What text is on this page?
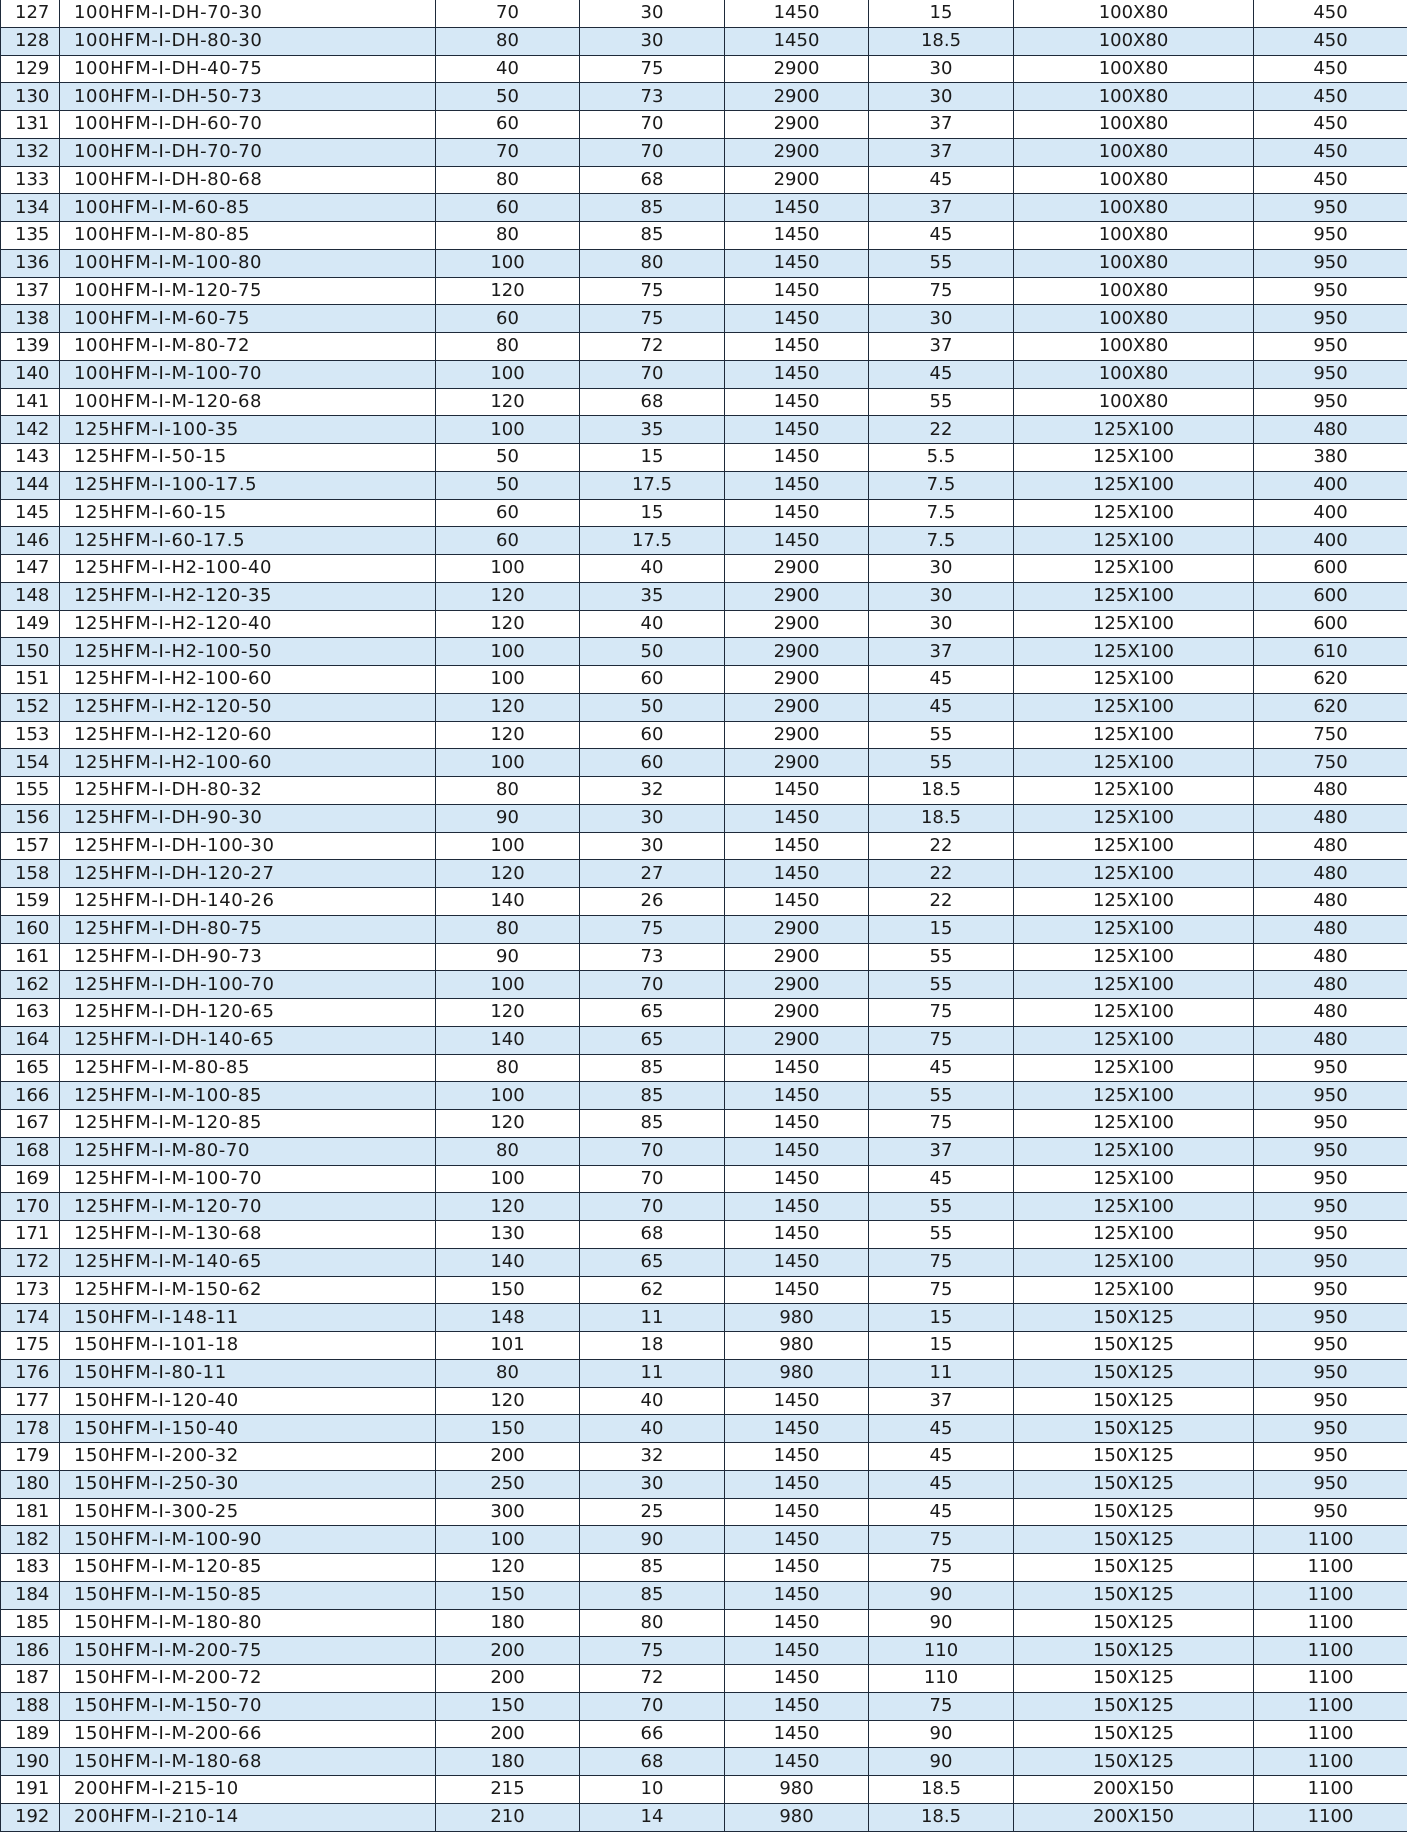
127	100HFM-I-DH-70-30	70	30	1450	15	100X80	450
128	100HFM-I-DH-80-30	80	30	1450	18.5	100X80	450
129	100HFM-I-DH-40-75	40	75	2900	30	100X80	450
130	100HFM-I-DH-50-73	50	73	2900	30	100X80	450
131	100HFM-I-DH-60-70	60	70	2900	37	100X80	450
132	100HFM-I-DH-70-70	70	70	2900	37	100X80	450
133	100HFM-I-DH-80-68	80	68	2900	45	100X80	450
134	100HFM-I-M-60-85	60	85	1450	37	100X80	950
135	100HFM-I-M-80-85	80	85	1450	45	100X80	950
136	100HFM-I-M-100-80	100	80	1450	55	100X80	950
137	100HFM-I-M-120-75	120	75	1450	75	100X80	950
138	100HFM-I-M-60-75	60	75	1450	30	100X80	950
139	100HFM-I-M-80-72	80	72	1450	37	100X80	950
140	100HFM-I-M-100-70	100	70	1450	45	100X80	950
141	100HFM-I-M-120-68	120	68	1450	55	100X80	950
142	125HFM-I-100-35	100	35	1450	22	125X100	480
143	125HFM-I-50-15	50	15	1450	5.5	125X100	380
144	125HFM-I-100-17.5	50	17.5	1450	7.5	125X100	400
145	125HFM-I-60-15	60	15	1450	7.5	125X100	400
146	125HFM-I-60-17.5	60	17.5	1450	7.5	125X100	400
147	125HFM-I-H2-100-40	100	40	2900	30	125X100	600
148	125HFM-I-H2-120-35	120	35	2900	30	125X100	600
149	125HFM-I-H2-120-40	120	40	2900	30	125X100	600
150	125HFM-I-H2-100-50	100	50	2900	37	125X100	610
151	125HFM-I-H2-100-60	100	60	2900	45	125X100	620
152	125HFM-I-H2-120-50	120	50	2900	45	125X100	620
153	125HFM-I-H2-120-60	120	60	2900	55	125X100	750
154	125HFM-I-H2-100-60	100	60	2900	55	125X100	750
155	125HFM-I-DH-80-32	80	32	1450	18.5	125X100	480
156	125HFM-I-DH-90-30	90	30	1450	18.5	125X100	480
157	125HFM-I-DH-100-30	100	30	1450	22	125X100	480
158	125HFM-I-DH-120-27	120	27	1450	22	125X100	480
159	125HFM-I-DH-140-26	140	26	1450	22	125X100	480
160	125HFM-I-DH-80-75	80	75	2900	15	125X100	480
161	125HFM-I-DH-90-73	90	73	2900	55	125X100	480
162	125HFM-I-DH-100-70	100	70	2900	55	125X100	480
163	125HFM-I-DH-120-65	120	65	2900	75	125X100	480
164	125HFM-I-DH-140-65	140	65	2900	75	125X100	480
165	125HFM-I-M-80-85	80	85	1450	45	125X100	950
166	125HFM-I-M-100-85	100	85	1450	55	125X100	950
167	125HFM-I-M-120-85	120	85	1450	75	125X100	950
168	125HFM-I-M-80-70	80	70	1450	37	125X100	950
169	125HFM-I-M-100-70	100	70	1450	45	125X100	950
170	125HFM-I-M-120-70	120	70	1450	55	125X100	950
171	125HFM-I-M-130-68	130	68	1450	55	125X100	950
172	125HFM-I-M-140-65	140	65	1450	75	125X100	950
173	125HFM-I-M-150-62	150	62	1450	75	125X100	950
174	150HFM-I-148-11	148	11	980	15	150X125	950
175	150HFM-I-101-18	101	18	980	15	150X125	950
176	150HFM-I-80-11	80	11	980	11	150X125	950
177	150HFM-I-120-40	120	40	1450	37	150X125	950
178	150HFM-I-150-40	150	40	1450	45	150X125	950
179	150HFM-I-200-32	200	32	1450	45	150X125	950
180	150HFM-I-250-30	250	30	1450	45	150X125	950
181	150HFM-I-300-25	300	25	1450	45	150X125	950
182	150HFM-I-M-100-90	100	90	1450	75	150X125	1100
183	150HFM-I-M-120-85	120	85	1450	75	150X125	1100
184	150HFM-I-M-150-85	150	85	1450	90	150X125	1100
185	150HFM-I-M-180-80	180	80	1450	90	150X125	1100
186	150HFM-I-M-200-75	200	75	1450	110	150X125	1100
187	150HFM-I-M-200-72	200	72	1450	110	150X125	1100
188	150HFM-I-M-150-70	150	70	1450	75	150X125	1100
189	150HFM-I-M-200-66	200	66	1450	90	150X125	1100
190	150HFM-I-M-180-68	180	68	1450	90	150X125	1100
191	200HFM-I-215-10	215	10	980	18.5	200X150	1100
192	200HFM-I-210-14	210	14	980	18.5	200X150	1100
